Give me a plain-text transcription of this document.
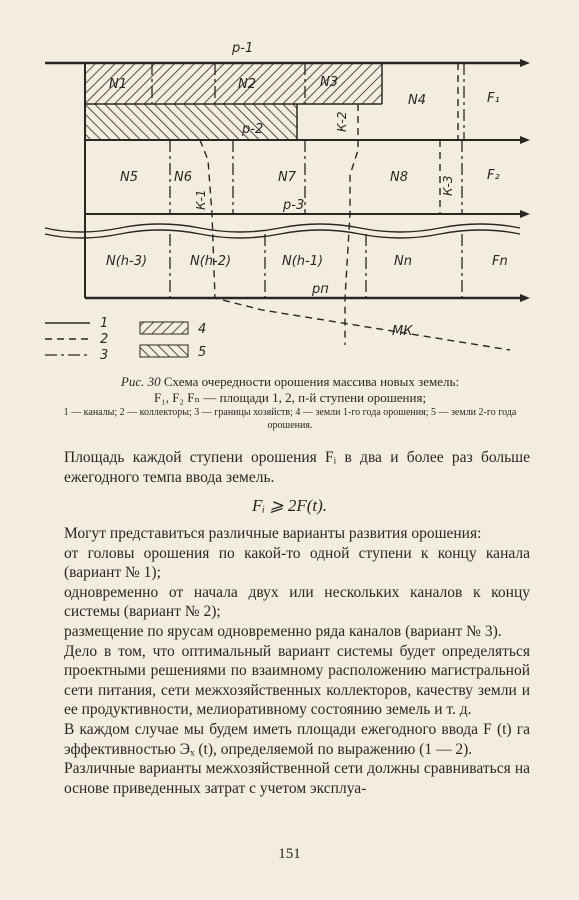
р-1
р-2
р-3
рп
К-2
К-1
К-3
МК
N1	N2	N3
N4	F₁
N5	N6	N7	N8	F₂
N(h-3)	N(h-2)	N(h-1)	Nn	Fn
1
2
3
4
5
Рис. 30 Схема очередности орошения массива новых земель:
F₁, F₂ Fₙ — площади 1, 2, п-й ступени орошения;
1 — каналы; 2 — коллекторы; 3 — границы хозяйств; 4 — земли 1-го года орошения; 5 — земли 2-го года орошения.
Площадь каждой ступени орошения Fᵢ в два и более раз больше ежегодного темпа ввода земель.
Fᵢ ⩾ 2F(t).

Могут представиться различные варианты развития орошения:

от головы орошения по какой-то одной ступени к концу канала (вариант № 1);

одновременно от начала двух или нескольких каналов к концу системы (вариант № 2);

размещение по ярусам одновременно ряда каналов (вариант № 3).

Дело в том, что оптимальный вариант системы будет определяться проектными решениями по взаимному расположению магистральной сети питания, сети межхозяйственных коллекторов, качеству земли и ее продуктивности, мелиоративному состоянию земель и т. д.

В каждом случае мы будем иметь площади ежегодного ввода F (t) га эффективностью Эₓ (t), определяемой по выражению (1 — 2).

Различные варианты межхозяйственной сети должны сравниваться на основе приведенных затрат с учетом эксплуа-

151
